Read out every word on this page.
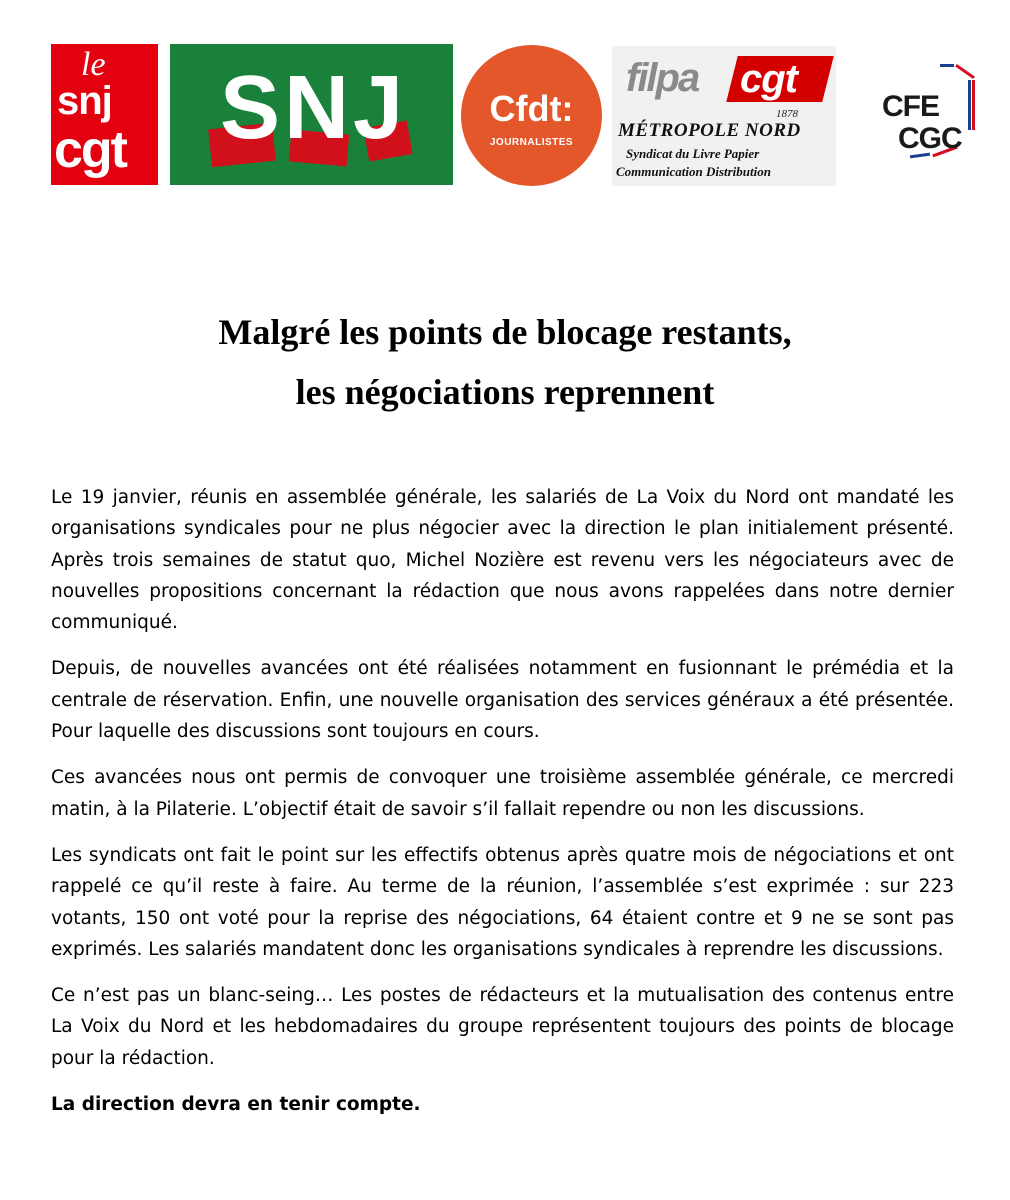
le
snj
cgt SNJ	Cfdt:
JOURNALISTES
filpa cgt
1878
MÉTROPOLE NORD
Syndicat du Livre Papier
Communication Distribution
CFE
CGC
Malgré les points de blocage restants,
les négociations reprennent

Le 19 janvier, réunis en assemblée générale, les salariés de La Voix du Nord ont mandaté les organisations syndicales pour ne plus négocier avec la direction le plan initialement présenté. Après trois semaines de statut quo, Michel Nozière est revenu vers les négociateurs avec de nouvelles propositions concernant la rédaction que nous avons rappelées dans notre dernier communiqué.

Depuis, de nouvelles avancées ont été réalisées notamment en fusionnant le prémédia et la centrale de réservation. Enfin, une nouvelle organisation des services généraux a été présentée. Pour laquelle des discussions sont toujours en cours.

Ces avancées nous ont permis de convoquer une troisième assemblée générale, ce mercredi matin, à la Pilaterie. L’objectif était de savoir s’il fallait rependre ou non les discussions.

Les syndicats ont fait le point sur les effectifs obtenus après quatre mois de négociations et ont rappelé ce qu’il reste à faire. Au terme de la réunion, l’assemblée s’est exprimée : sur 223 votants, 150 ont voté pour la reprise des négociations, 64 étaient contre et 9 ne se sont pas exprimés. Les salariés mandatent donc les organisations syndicales à reprendre les discussions.

Ce n’est pas un blanc-seing… Les postes de rédacteurs et la mutualisation des contenus entre La Voix du Nord et les hebdomadaires du groupe représentent toujours des points de blocage pour la rédaction.

La direction devra en tenir compte.
